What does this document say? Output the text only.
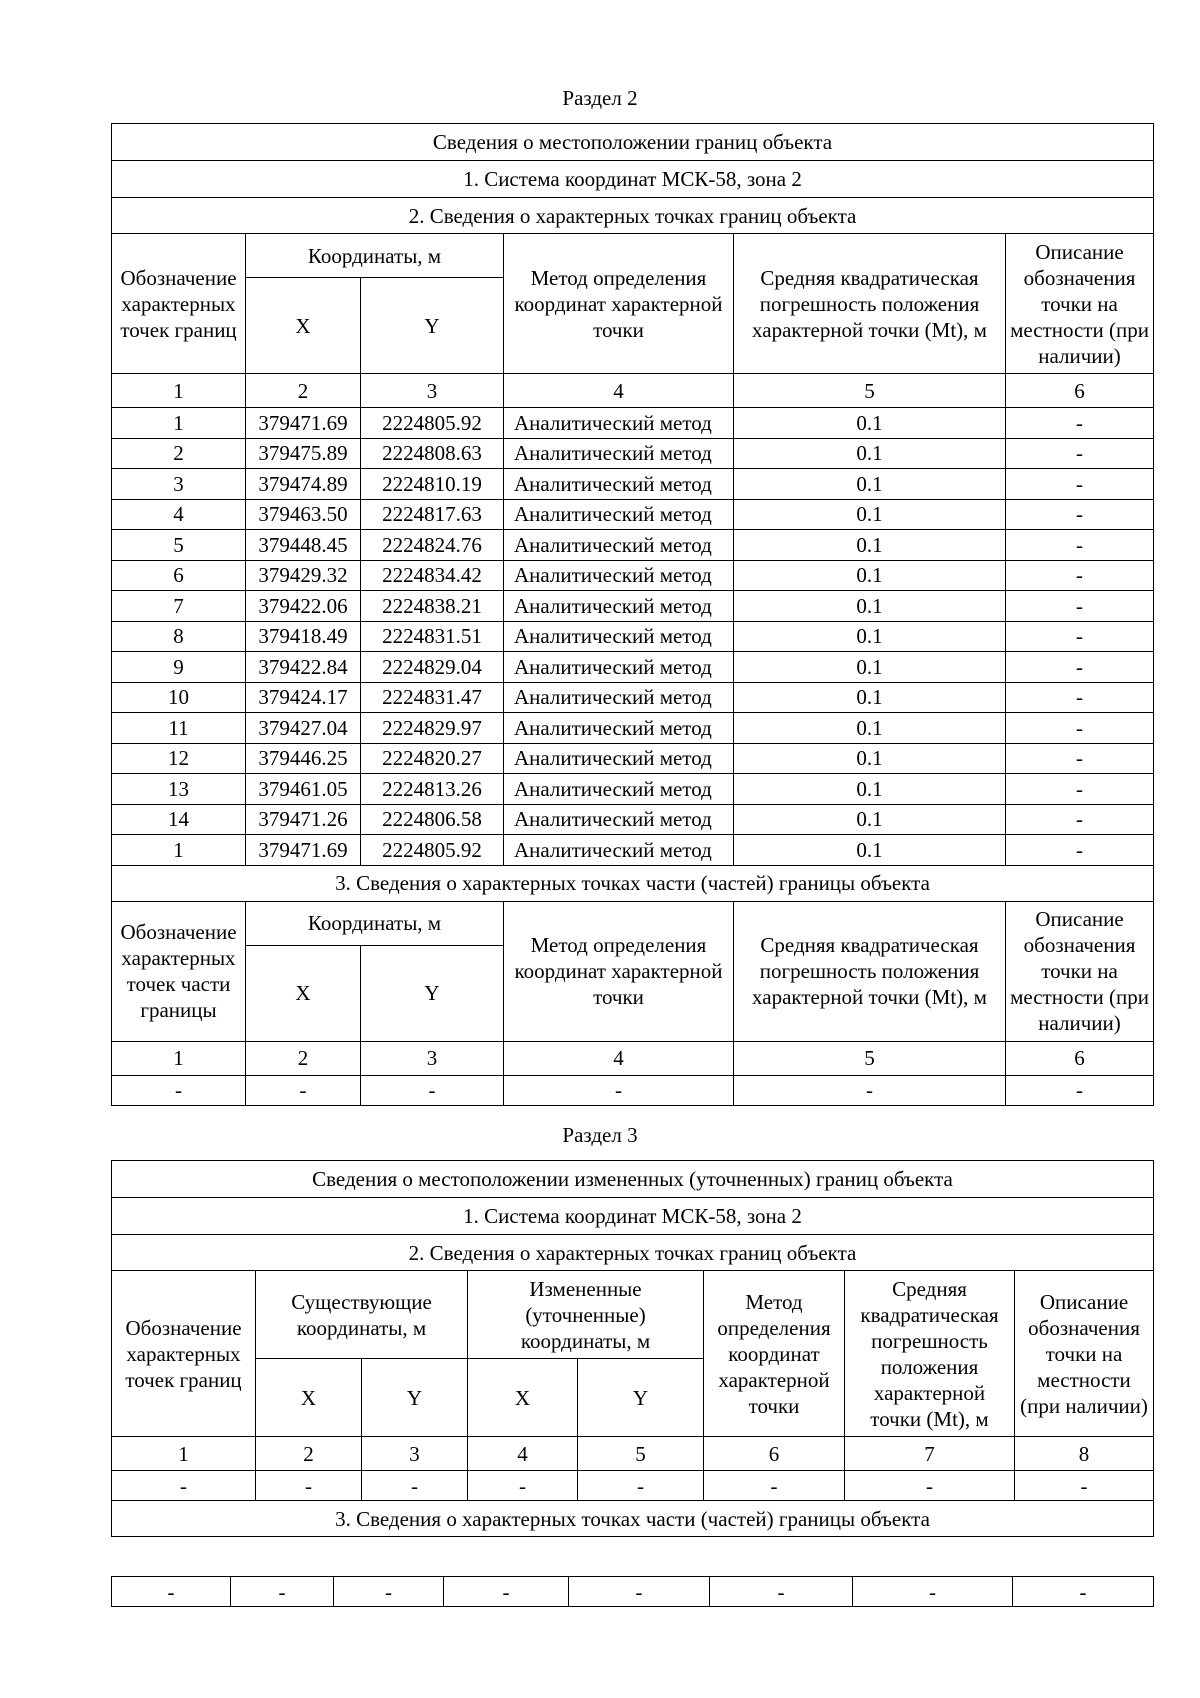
Раздел 2
Сведения о местоположении границ объекта					
1. Система координат МСК-58, зона 2					
2. Сведения о характерных точках границ объекта					
Обозначение характерных точек границ	Координаты, м		Метод определения координат характерной точки	Средняя квадратическая погрешность положения характерной точки (Mt), м	Описание обозначения точки на местности (при наличии)
	X	Y			
1	2	3	4	5	6
1	379471.69	2224805.92	Аналитический метод	0.1	-
2	379475.89	2224808.63	Аналитический метод	0.1	-
3	379474.89	2224810.19	Аналитический метод	0.1	-
4	379463.50	2224817.63	Аналитический метод	0.1	-
5	379448.45	2224824.76	Аналитический метод	0.1	-
6	379429.32	2224834.42	Аналитический метод	0.1	-
7	379422.06	2224838.21	Аналитический метод	0.1	-
8	379418.49	2224831.51	Аналитический метод	0.1	-
9	379422.84	2224829.04	Аналитический метод	0.1	-
10	379424.17	2224831.47	Аналитический метод	0.1	-
11	379427.04	2224829.97	Аналитический метод	0.1	-
12	379446.25	2224820.27	Аналитический метод	0.1	-
13	379461.05	2224813.26	Аналитический метод	0.1	-
14	379471.26	2224806.58	Аналитический метод	0.1	-
1	379471.69	2224805.92	Аналитический метод	0.1	-
3. Сведения о характерных точках части (частей) границы объекта					
Обозначение характерных точек части границы	Координаты, м		Метод определения координат характерной точки	Средняя квадратическая погрешность положения характерной точки (Mt), м	Описание обозначения точки на местности (при наличии)
	X	Y			
1	2	3	4	5	6
-	-	-	-	-	-
Раздел 3
Сведения о местоположении измененных (уточненных) границ объекта							
1. Система координат МСК-58, зона 2							
2. Сведения о характерных точках границ объекта							
Обозначение характерных точек границ	Существующие координаты, м		Измененные (уточненные) координаты, м		Метод определения координат характерной точки	Средняя квадратическая погрешность положения характерной точки (Mt), м	Описание обозначения точки на местности (при наличии)
	X	Y	X	Y			
1	2	3	4	5	6	7	8
-	-	-	-	-	-	-	-
3. Сведения о характерных точках части (частей) границы объекта							
-	-	-	-	-	-	-	-
